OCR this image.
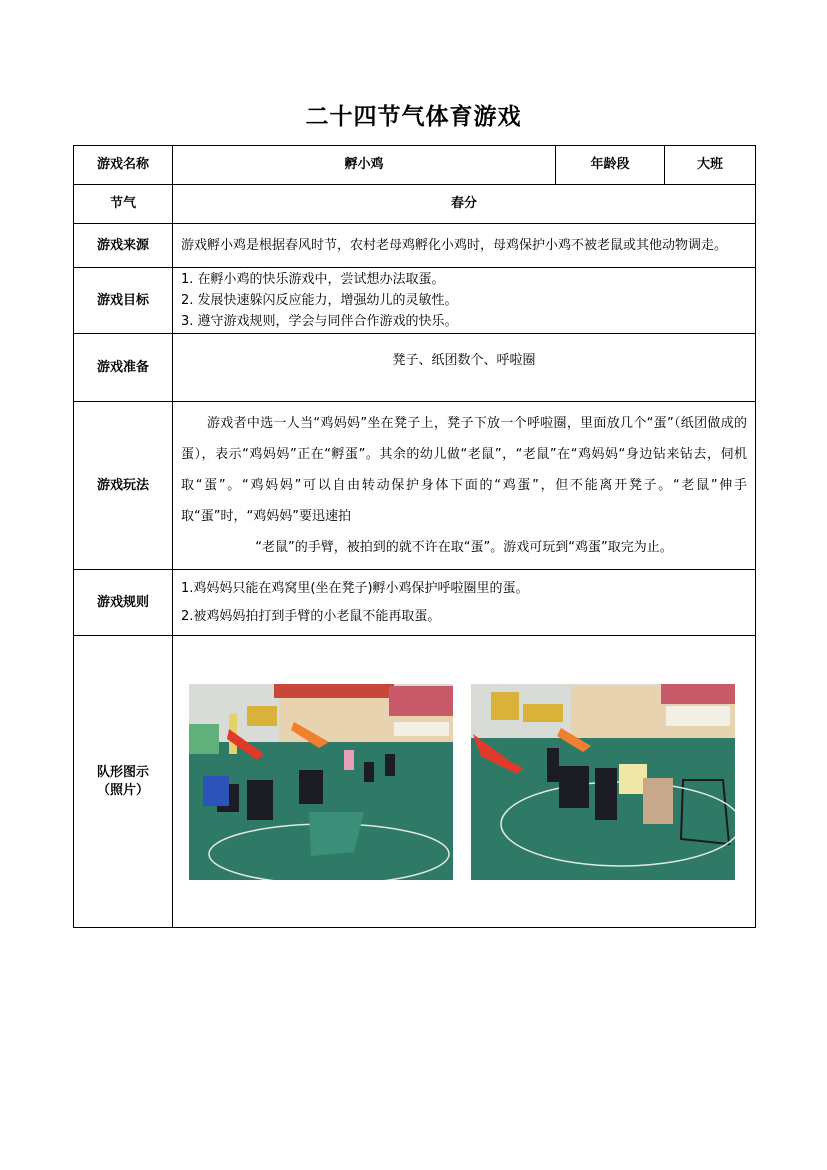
二十四节气体育游戏
游戏名称	孵小鸡	年龄段	大班
节气	春分		
游戏来源	游戏孵小鸡是根据春风时节，农村老母鸡孵化小鸡时，母鸡保护小鸡不被老鼠或其他动物调走。		

游戏目标	1. 在孵小鸡的快乐游戏中，尝试想办法取蛋。
2. 发展快速躲闪反应能力，增强幼儿的灵敏性。
3. 遵守游戏规则，学会与同伴合作游戏的快乐。		

游戏准备	凳子、纸团数个、呼啦圈		
游戏玩法	游戏者中选一人当“鸡妈妈”坐在凳子上，凳子下放一个呼啦圈，里面放几个“蛋”（纸团做成的蛋），表示“鸡妈妈”正在“孵蛋”。其余的幼儿做“老鼠”，“老鼠”在“鸡妈妈“身边钻来钻去，伺机取“蛋”。“鸡妈妈”可以自由转动保护身体下面的“鸡蛋”，但不能离开凳子。“老鼠”伸手取“蛋”时，“鸡妈妈”要迅速拍
“老鼠”的手臂，被拍到的就不许在取“蛋”。游戏可玩到“鸡蛋”取完为止。		

游戏规则	1.鸡妈妈只能在鸡窝里(坐在凳子)孵小鸡保护呼啦圈里的蛋。
2.被鸡妈妈拍打到手臂的小老鼠不能再取蛋。		

队形图示
（照片）
